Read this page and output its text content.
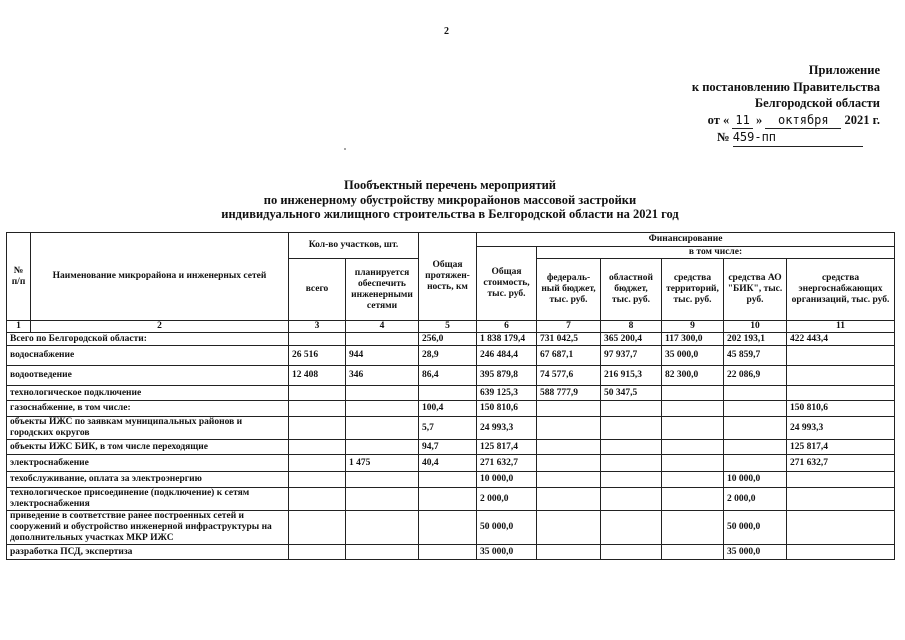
2
Приложение
к постановлению Правительства
Белгородской области
от « 11 » октября 2021 г.
№ 459-пп
Пообъектный перечень мероприятий
по инженерному обустройству микрорайонов массовой застройки
индивидуального жилищного строительства в Белгородской области на 2021 год
№ п/п	Наименование микрорайона и инженерных сетей	Кол-во участков, шт.		Общая протяжен-ность, км	Финансирование					
					Общая стоимость, тыс. руб.	в том числе:				
		всего	планируется обеспечить инженерными сетями			федераль-ный бюджет, тыс. руб.	областной бюджет, тыс. руб.	средства территорий, тыс. руб.	средства АО "БИК", тыс. руб.	средства энергоснабжающих организаций, тыс. руб.
1	2	3	4	5	6	7	8	9	10	11
Всего по Белгородской области:				256,0	1 838 179,4	731 042,5	365 200,4	117 300,0	202 193,1	422 443,4
водоснабжение		26 516	944	28,9	246 484,4	67 687,1	97 937,7	35 000,0	45 859,7	
водоотведение		12 408	346	86,4	395 879,8	74 577,6	216 915,3	82 300,0	22 086,9	
технологическое подключение					639 125,3	588 777,9	50 347,5			
газоснабжение, в том числе:				100,4	150 810,6					150 810,6
объекты ИЖС по заявкам муниципальных районов и городских округов				5,7	24 993,3					24 993,3
объекты ИЖС БИК, в том числе переходящие				94,7	125 817,4					125 817,4
электроснабжение			1 475	40,4	271 632,7					271 632,7
техобслуживание, оплата за электроэнергию					10 000,0				10 000,0	
технологическое присоединение (подключение) к сетям электроснабжения					2 000,0				2 000,0	
приведение в соответствие ранее построенных сетей и сооружений и обустройство инженерной инфраструктуры на дополнительных участках МКР ИЖС					50 000,0				50 000,0	
разработка ПСД, экспертиза					35 000,0				35 000,0	
